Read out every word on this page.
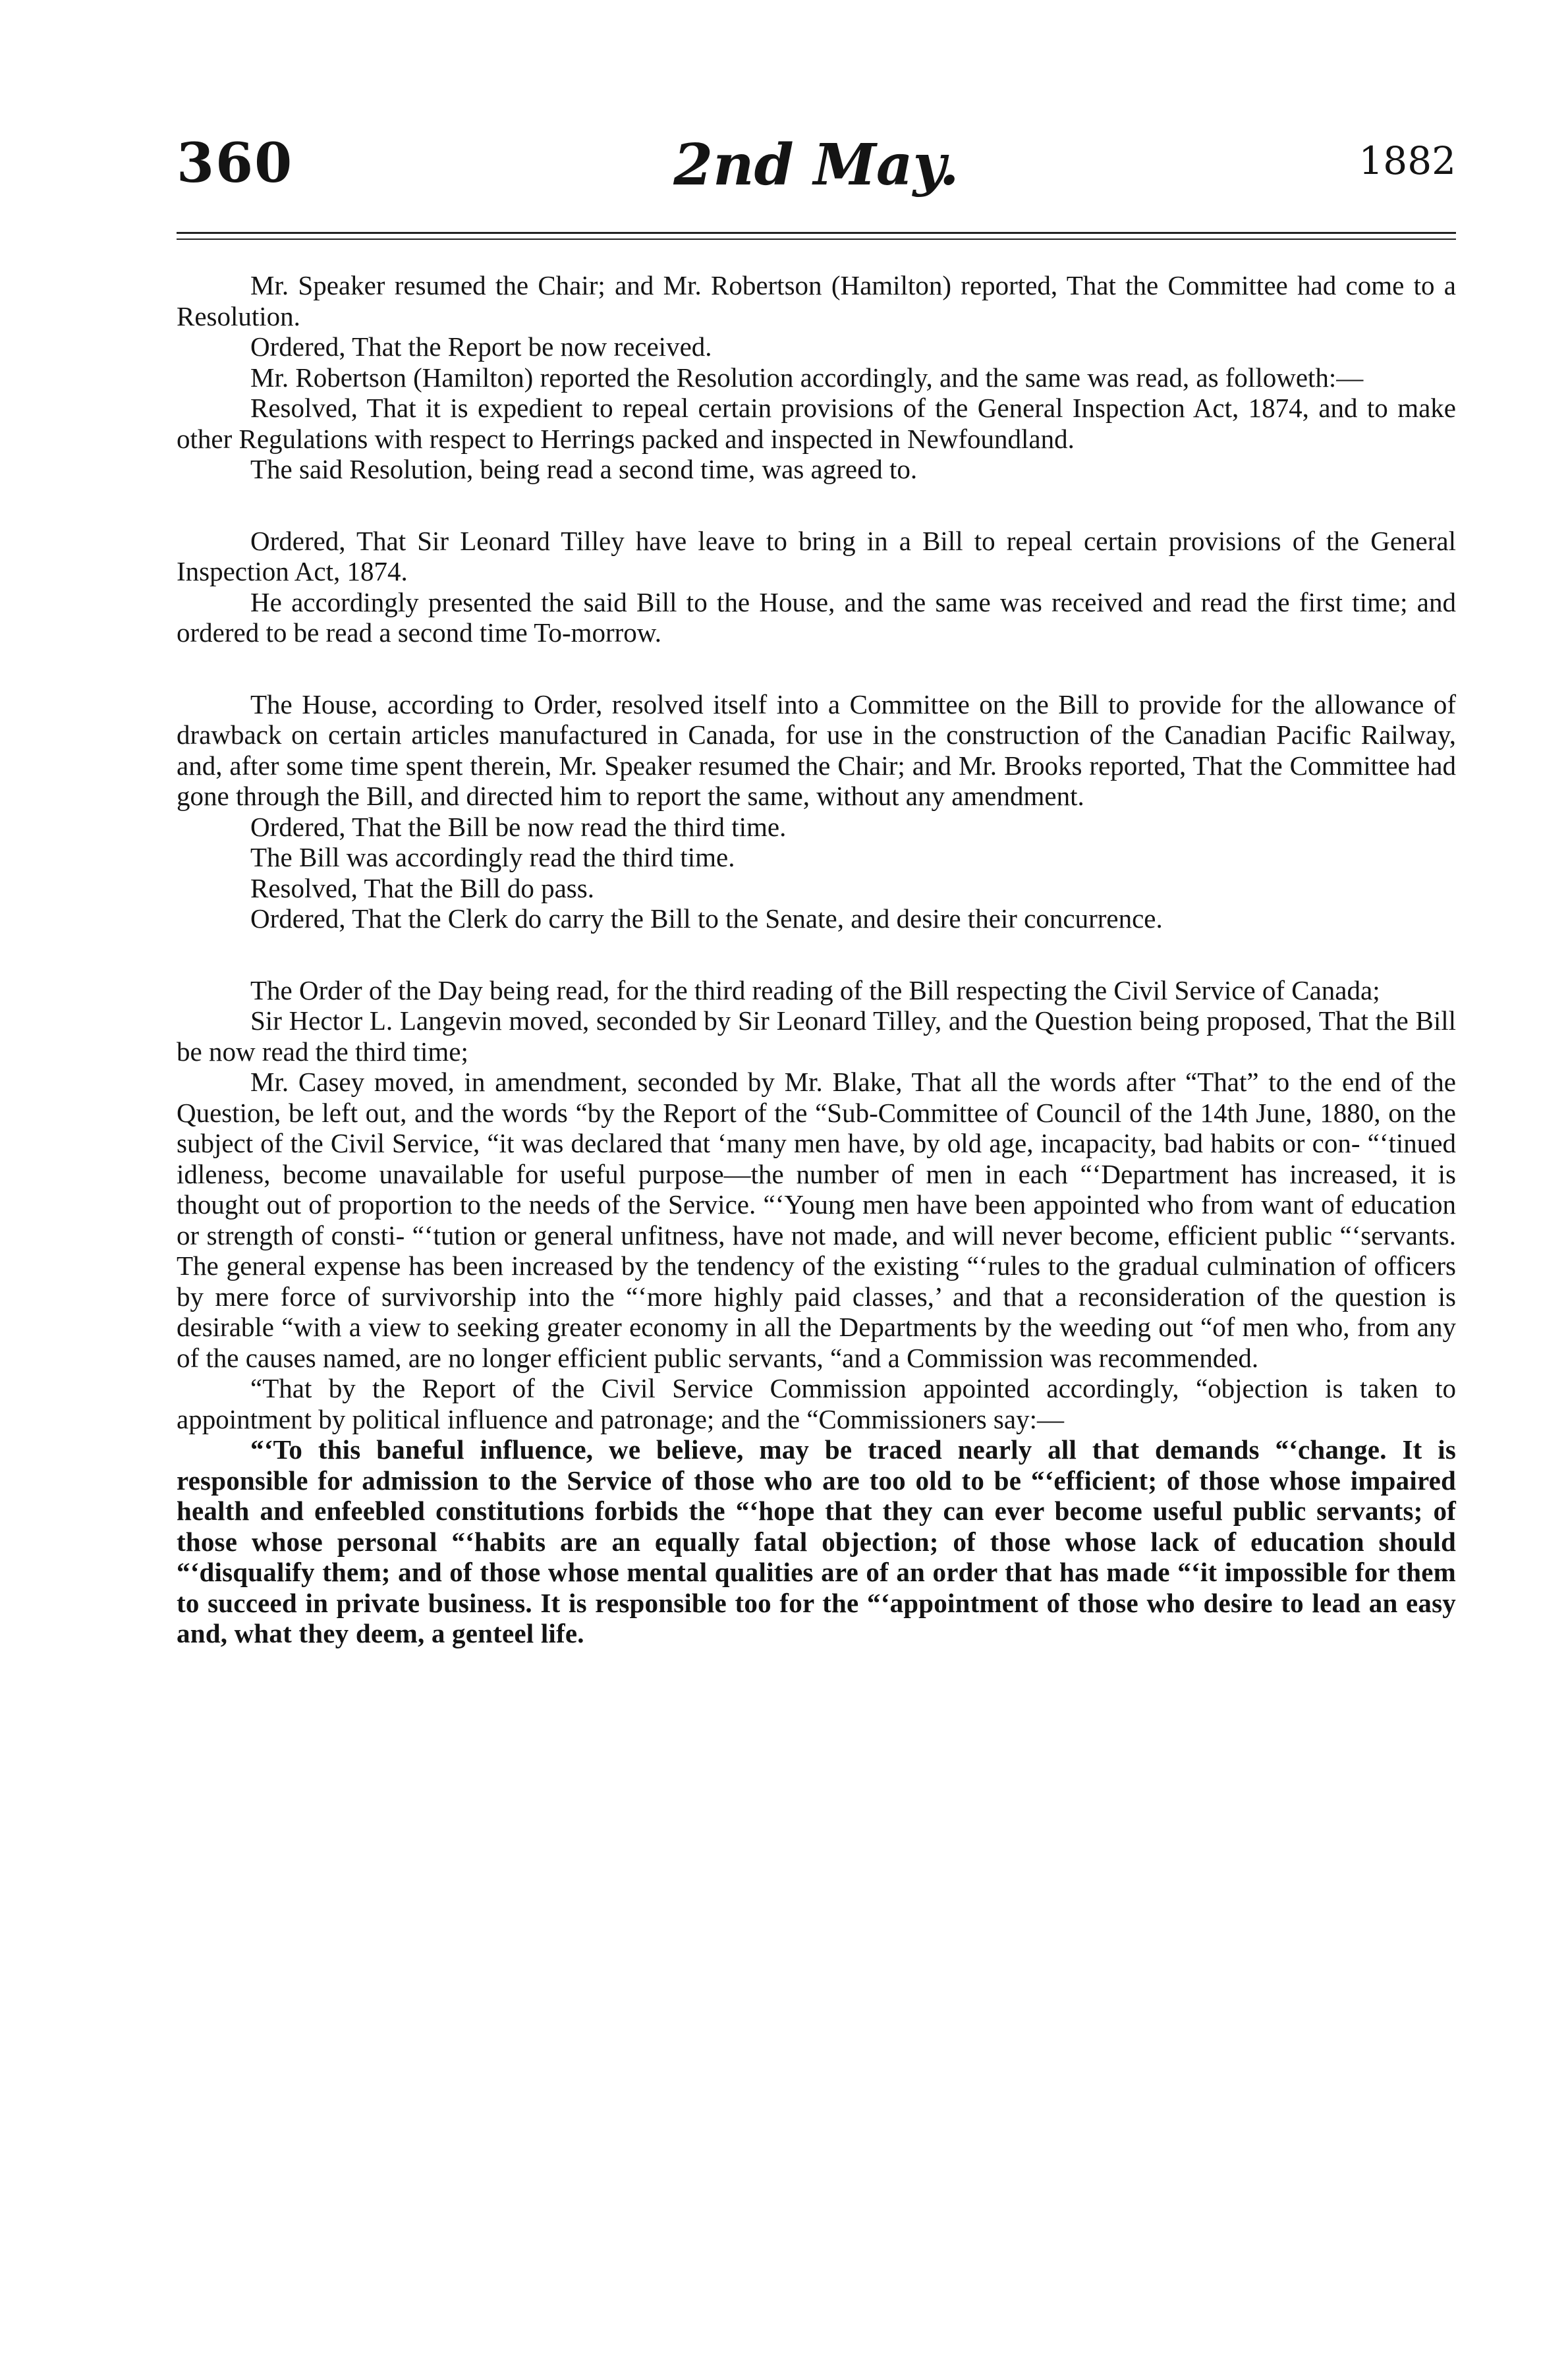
360	2nd May.	1882

Mr. Speaker resumed the Chair; and Mr. Robertson (Hamilton) reported, That the Committee had come to a Resolution.

Ordered, That the Report be now received.

Mr. Robertson (Hamilton) reported the Resolution accordingly, and the same was read, as followeth:—

Resolved, That it is expedient to repeal certain provisions of the General Inspection Act, 1874, and to make other Regulations with respect to Herrings packed and inspected in Newfoundland.

The said Resolution, being read a second time, was agreed to.

Ordered, That Sir Leonard Tilley have leave to bring in a Bill to repeal certain provisions of the General Inspection Act, 1874.

He accordingly presented the said Bill to the House, and the same was received and read the first time; and ordered to be read a second time To-morrow.

The House, according to Order, resolved itself into a Committee on the Bill to provide for the allowance of drawback on certain articles manufactured in Canada, for use in the construction of the Canadian Pacific Railway, and, after some time spent therein, Mr. Speaker resumed the Chair; and Mr. Brooks reported, That the Committee had gone through the Bill, and directed him to report the same, without any amendment.

Ordered, That the Bill be now read the third time.

The Bill was accordingly read the third time.

Resolved, That the Bill do pass.

Ordered, That the Clerk do carry the Bill to the Senate, and desire their concurrence.

The Order of the Day being read, for the third reading of the Bill respecting the Civil Service of Canada;

Sir Hector L. Langevin moved, seconded by Sir Leonard Tilley, and the Question being proposed, That the Bill be now read the third time;

Mr. Casey moved, in amendment, seconded by Mr. Blake, That all the words after “That” to the end of the Question, be left out, and the words “by the Report of the “Sub-Committee of Council of the 14th June, 1880, on the subject of the Civil Service, “it was declared that ‘many men have, by old age, incapacity, bad habits or con- “‘tinued idleness, become unavailable for useful purpose—the number of men in each “‘Department has increased, it is thought out of proportion to the needs of the Service. “‘Young men have been appointed who from want of education or strength of consti- “‘tution or general unfitness, have not made, and will never become, efficient public “‘servants. The general expense has been increased by the tendency of the existing “‘rules to the gradual culmination of officers by mere force of survivorship into the “‘more highly paid classes,’ and that a reconsideration of the question is desirable “with a view to seeking greater economy in all the Departments by the weeding out “of men who, from any of the causes named, are no longer efficient public servants, “and a Commission was recommended.

“That by the Report of the Civil Service Commission appointed accordingly, “objection is taken to appointment by political influence and patronage; and the “Commissioners say:—

“‘To this baneful influence, we believe, may be traced nearly all that demands “‘change. It is responsible for admission to the Service of those who are too old to be “‘efficient; of those whose impaired health and enfeebled constitutions forbids the “‘hope that they can ever become useful public servants; of those whose personal “‘habits are an equally fatal objection; of those whose lack of education should “‘disqualify them; and of those whose mental qualities are of an order that has made “‘it impossible for them to succeed in private business. It is responsible too for the “‘appointment of those who desire to lead an easy and, what they deem, a genteel life.
